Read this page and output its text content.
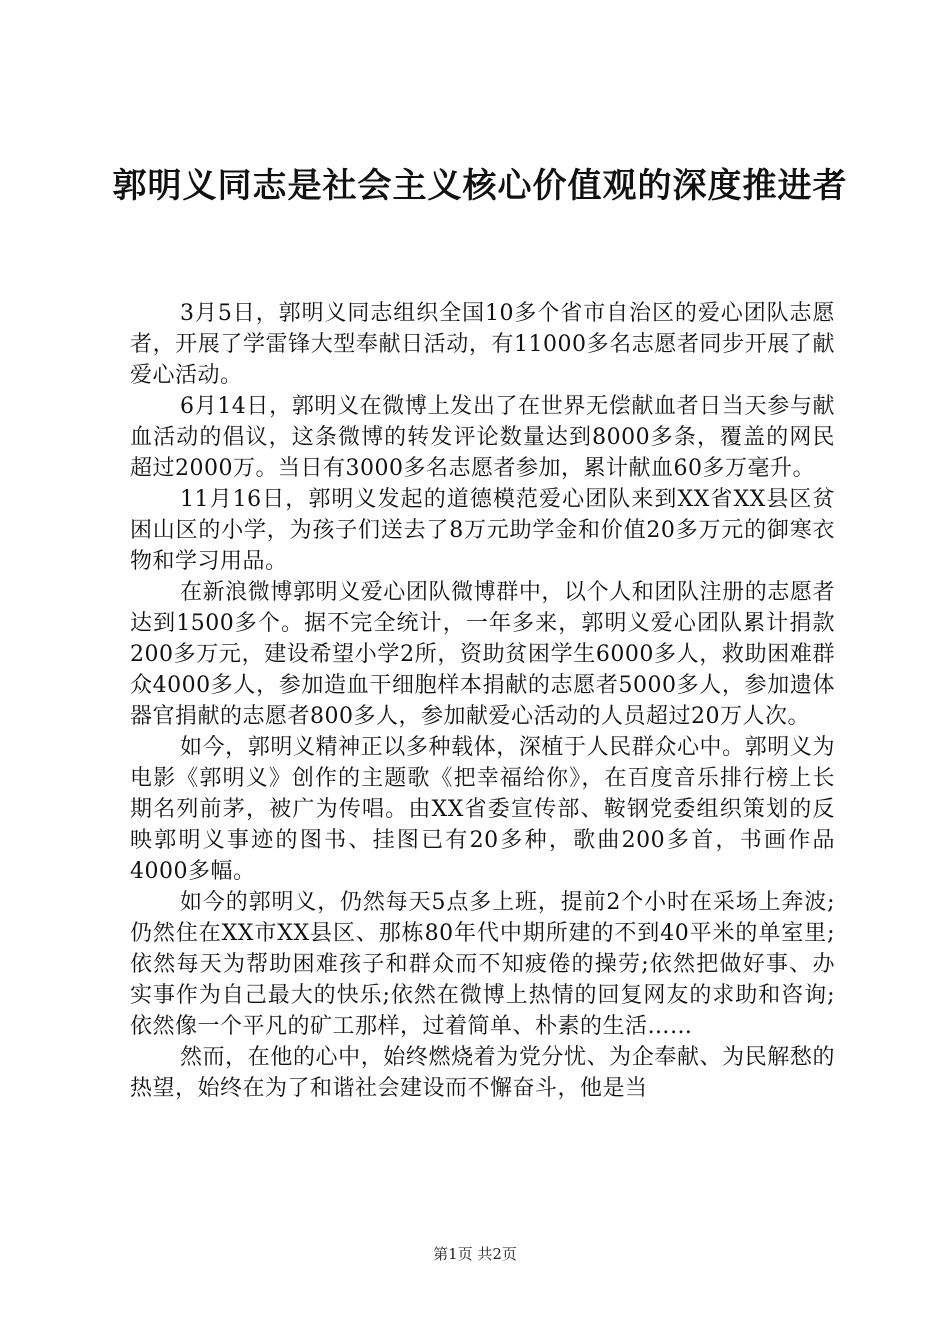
郭明义同志是社会主义核心价值观的深度推进者

3月5日，郭明义同志组织全国10多个省市自治区的爱心团队志愿者，开展了学雷锋大型奉献日活动，有11000多名志愿者同步开展了献爱心活动。

6月14日，郭明义在微博上发出了在世界无偿献血者日当天参与献血活动的倡议，这条微博的转发评论数量达到8000多条，覆盖的网民超过2000万。当日有3000多名志愿者参加，累计献血60多万毫升。

11月16日，郭明义发起的道德模范爱心团队来到XX省XX县区贫困山区的小学，为孩子们送去了8万元助学金和价值20多万元的御寒衣物和学习用品。

在新浪微博郭明义爱心团队微博群中，以个人和团队注册的志愿者达到1500多个。据不完全统计，一年多来，郭明义爱心团队累计捐款200多万元，建设希望小学2所，资助贫困学生6000多人，救助困难群众4000多人，参加造血干细胞样本捐献的志愿者5000多人，参加遗体器官捐献的志愿者800多人，参加献爱心活动的人员超过20万人次。

如今，郭明义精神正以多种载体，深植于人民群众心中。郭明义为电影《郭明义》创作的主题歌《把幸福给你》，在百度音乐排行榜上长期名列前茅，被广为传唱。由XX省委宣传部、鞍钢党委组织策划的反映郭明义事迹的图书、挂图已有20多种，歌曲200多首，书画作品4000多幅。

如今的郭明义，仍然每天5点多上班，提前2个小时在采场上奔波;仍然住在XX市XX县区、那栋80年代中期所建的不到40平米的单室里;依然每天为帮助困难孩子和群众而不知疲倦的操劳;依然把做好事、办实事作为自己最大的快乐;依然在微博上热情的回复网友的求助和咨询;依然像一个平凡的矿工那样，过着简单、朴素的生活……

然而，在他的心中，始终燃烧着为党分忧、为企奉献、为民解愁的热望，始终在为了和谐社会建设而不懈奋斗，他是当

第1页 共2页
